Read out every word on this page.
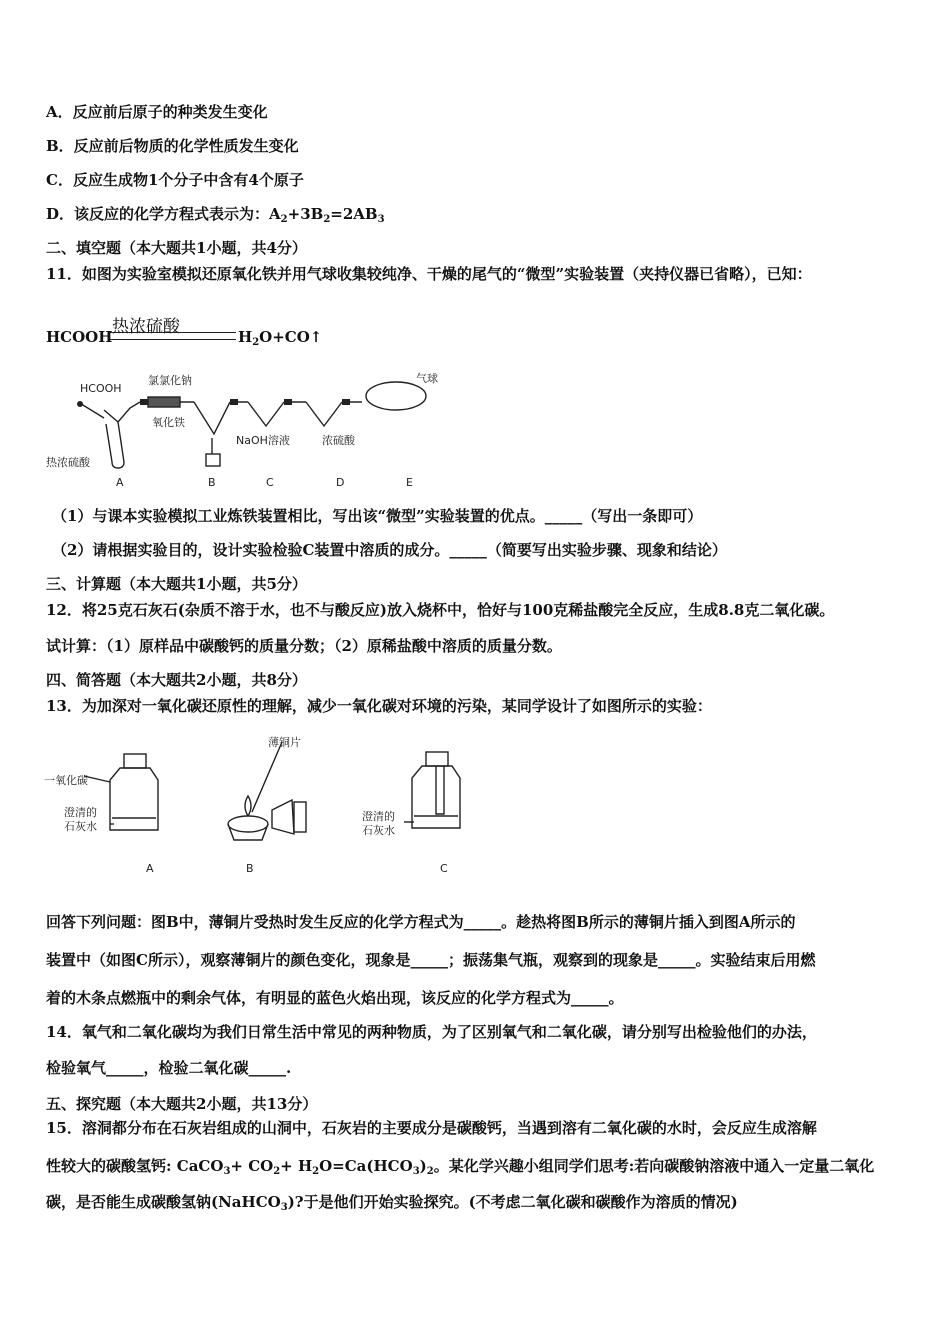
A．反应前后原子的种类发生变化
B．反应前后物质的化学性质发生变化
C．反应生成物1个分子中含有4个原子
D．该反应的化学方程式表示为：$A_2+3B_2=2AB_3$
二、填空题（本大题共1小题，共4分）
11．如图为实验室模拟还原氧化铁并用气球收集较纯净、干燥的尾气的“微型”实验装置（夹持仪器已省略），已知：
HCOOH 热浓硫酸	$H_2O+CO↑$
HCOOH
氯氯化钠
氧化铁
NaOH溶液	浓硫酸
气球
热浓硫酸
A	B	C	D	E
（1）与课本实验模拟工业炼铁装置相比，写出该“微型”实验装置的优点。_____（写出一条即可）
（2）请根据实验目的，设计实验检验C装置中溶质的成分。_____（简要写出实验步骤、现象和结论）
三、计算题（本大题共1小题，共5分）
12．将25克石灰石(杂质不溶于水，也不与酸反应)放入烧杯中，恰好与100克稀盐酸完全反应，生成8.8克二氧化碳。
试计算：（1）原样品中碳酸钙的质量分数；（2）原稀盐酸中溶质的质量分数。
四、简答题（本大题共2小题，共8分）
13．为加深对一氧化碳还原性的理解，减少一氧化碳对环境的污染，某同学设计了如图所示的实验：
一氧化碳
澄清的
石灰水
薄铜片
澄清的
石灰水
A	B	C
回答下列问题：图B中，薄铜片受热时发生反应的化学方程式为_____。趁热将图B所示的薄铜片插入到图A所示的
装置中（如图C所示），观察薄铜片的颜色变化，现象是_____；振荡集气瓶，观察到的现象是_____。实验结束后用燃
着的木条点燃瓶中的剩余气体，有明显的蓝色火焰出现，该反应的化学方程式为_____。
14．氧气和二氧化碳均为我们日常生活中常见的两种物质，为了区别氧气和二氧化碳，请分别写出检验他们的办法，
检验氧气_____，检验二氧化碳_____.
五、探究题（本大题共2小题，共13分）
15．溶洞都分布在石灰岩组成的山洞中，石灰岩的主要成分是碳酸钙，当遇到溶有二氧化碳的水时，会反应生成溶解
性较大的碳酸氢钙: CaCO$_3$+ $CO_2+ H_2O=Ca(HCO_3)_2$。某化学兴趣小组同学们思考:若向碳酸钠溶液中通入一定量二氧化
碳，是否能生成碳酸氢钠(NaHCO$_3$)?于是他们开始实验探究。(不考虑二氧化碳和碳酸作为溶质的情况)
